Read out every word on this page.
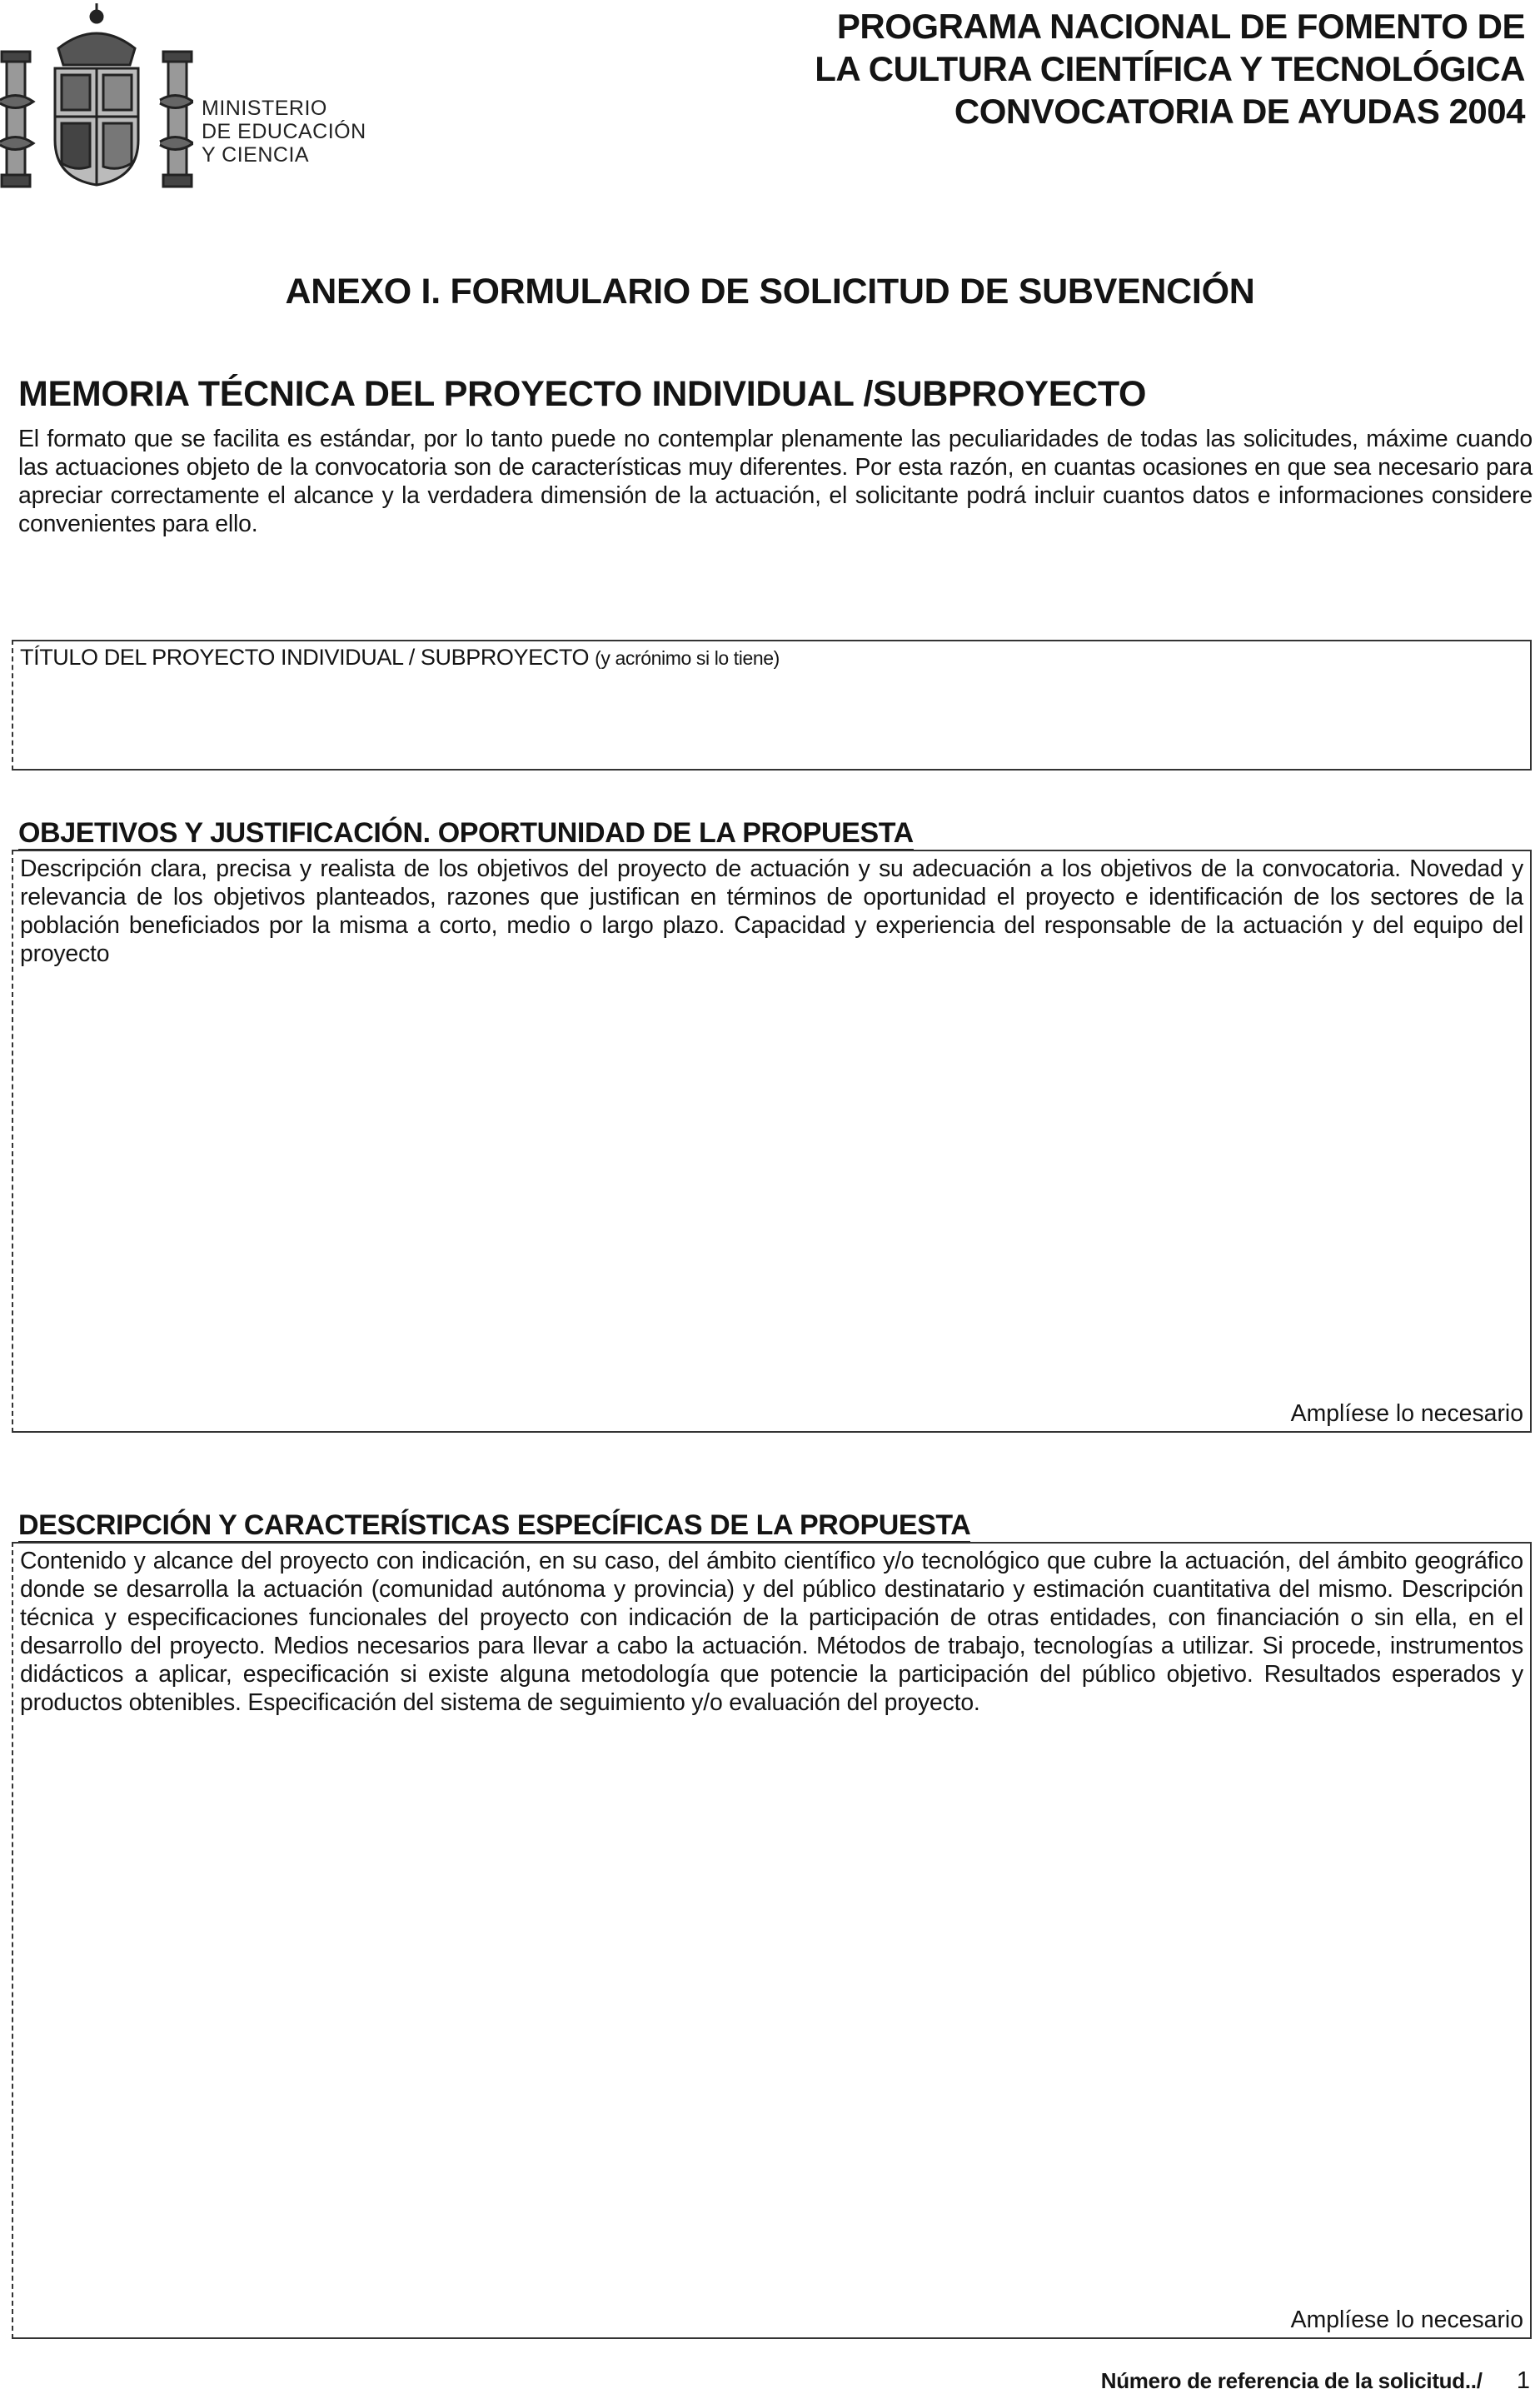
MINISTERIO
DE EDUCACIÓN
Y CIENCIA
PROGRAMA NACIONAL DE FOMENTO DE
LA CULTURA CIENTÍFICA Y TECNOLÓGICA
CONVOCATORIA DE AYUDAS 2004
ANEXO I. FORMULARIO DE SOLICITUD DE SUBVENCIÓN
MEMORIA TÉCNICA DEL PROYECTO INDIVIDUAL /SUBPROYECTO
El formato que se facilita es estándar, por lo tanto puede no contemplar plenamente las peculiaridades de todas las solicitudes, máxime cuando las actuaciones objeto de la convocatoria son de características muy diferentes. Por esta razón, en cuantas ocasiones en que sea necesario para apreciar correctamente el alcance y la verdadera dimensión de la actuación, el solicitante podrá incluir cuantos datos e informaciones considere convenientes para ello.
TÍTULO DEL PROYECTO INDIVIDUAL / SUBPROYECTO (y acrónimo si lo tiene)
OBJETIVOS Y JUSTIFICACIÓN. OPORTUNIDAD DE LA PROPUESTA
Descripción clara, precisa y realista de los objetivos del proyecto de actuación y su adecuación a los objetivos de la convocatoria. Novedad y relevancia de los objetivos planteados, razones que justifican en términos de oportunidad el proyecto e identificación de los sectores de la población beneficiados por la misma a corto, medio o largo plazo. Capacidad y experiencia del responsable de la actuación y del equipo del proyecto
Amplíese lo necesario
DESCRIPCIÓN Y CARACTERÍSTICAS ESPECÍFICAS DE LA PROPUESTA
Contenido y alcance del proyecto con indicación, en su caso, del ámbito científico y/o tecnológico que cubre la actuación, del ámbito geográfico donde se desarrolla la actuación (comunidad autónoma y provincia) y del público destinatario y estimación cuantitativa del mismo. Descripción técnica y especificaciones funcionales del proyecto con indicación de la participación de otras entidades, con financiación o sin ella, en el desarrollo del proyecto. Medios necesarios para llevar a cabo la actuación. Métodos de trabajo, tecnologías a utilizar. Si procede, instrumentos didácticos a aplicar, especificación si existe alguna metodología que potencie la participación del público objetivo. Resultados esperados y productos obtenibles. Especificación del sistema de seguimiento y/o evaluación del proyecto.
Amplíese lo necesario
Número de referencia de la solicitud../ 1
